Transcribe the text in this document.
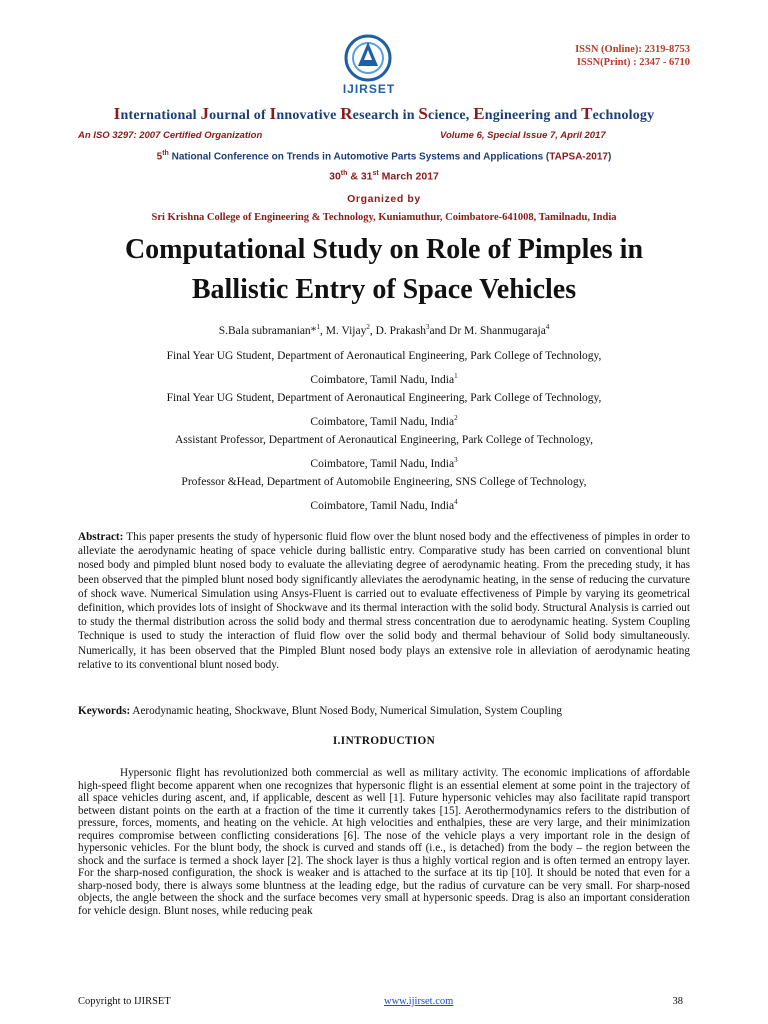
IJIRSET
ISSN (Online): 2319-8753
ISSN(Print) : 2347 - 6710
International Journal of Innovative Research in Science, Engineering and Technology
An ISO 3297: 2007 Certified Organization	Volume 6, Special Issue 7, April 2017
5th National Conference on Trends in Automotive Parts Systems and Applications (TAPSA-2017)
30th & 31st March 2017
Organized by
Sri Krishna College of Engineering & Technology, Kuniamuthur, Coimbatore-641008, Tamilnadu, India
Computational Study on Role of Pimples in
Ballistic Entry of Space Vehicles
S.Bala subramanian*$^1$, M. Vijay$^2$, D. Prakash$^3$and Dr M. Shanmugaraja$^4$
Final Year UG Student, Department of Aeronautical Engineering, Park College of Technology,
Coimbatore, Tamil Nadu, India$^1$
Final Year UG Student, Department of Aeronautical Engineering, Park College of Technology,
Coimbatore, Tamil Nadu, India$^2$
Assistant Professor, Department of Aeronautical Engineering, Park College of Technology,
Coimbatore, Tamil Nadu, India$^3$
Professor &Head, Department of Automobile Engineering, SNS College of Technology,
Coimbatore, Tamil Nadu, India$^4$
Abstract: This paper presents the study of hypersonic fluid flow over the blunt nosed body and the effectiveness of pimples in order to alleviate the aerodynamic heating of space vehicle during ballistic entry. Comparative study has been carried on conventional blunt nosed body and pimpled blunt nosed body to evaluate the alleviating degree of aerodynamic heating. From the preceding study, it has been observed that the pimpled blunt nosed body significantly alleviates the aerodynamic heating, in the sense of reducing the curvature of shock wave. Numerical Simulation using Ansys-Fluent is carried out to evaluate effectiveness of Pimple by varying its geometrical definition, which provides lots of insight of Shockwave and its thermal interaction with the solid body. Structural Analysis is carried out to study the thermal distribution across the solid body and thermal stress concentration due to aerodynamic heating. System Coupling Technique is used to study the interaction of fluid flow over the solid body and thermal behaviour of Solid body simultaneously. Numerically, it has been observed that the Pimpled Blunt nosed body plays an extensive role in alleviation of aerodynamic heating relative to its conventional blunt nosed body.
Keywords: Aerodynamic heating, Shockwave, Blunt Nosed Body, Numerical Simulation, System Coupling
I.INTRODUCTION
Hypersonic flight has revolutionized both commercial as well as military activity. The economic implications of affordable high-speed flight become apparent when one recognizes that hypersonic flight is an essential element at some point in the trajectory of all space vehicles during ascent, and, if applicable, descent as well [1]. Future hypersonic vehicles may also facilitate rapid transport between distant points on the earth at a fraction of the time it currently takes [15]. Aerothermodynamics refers to the distribution of pressure, forces, moments, and heating on the vehicle. At high velocities and enthalpies, these are very large, and their minimization requires compromise between conflicting considerations [6]. The nose of the vehicle plays a very important role in the design of hypersonic vehicles. For the blunt body, the shock is curved and stands off (i.e., is detached) from the body – the region between the shock and the surface is termed a shock layer [2]. The shock layer is thus a highly vortical region and is often termed an entropy layer. For the sharp-nosed configuration, the shock is weaker and is attached to the surface at its tip [10]. It should be noted that even for a sharp-nosed body, there is always some bluntness at the leading edge, but the radius of curvature can be very small. For sharp-nosed objects, the angle between the shock and the surface becomes very small at hypersonic speeds. Drag is also an important consideration for vehicle design. Blunt noses, while reducing peak
Copyright to IJIRSET	www.ijirset.com	38
